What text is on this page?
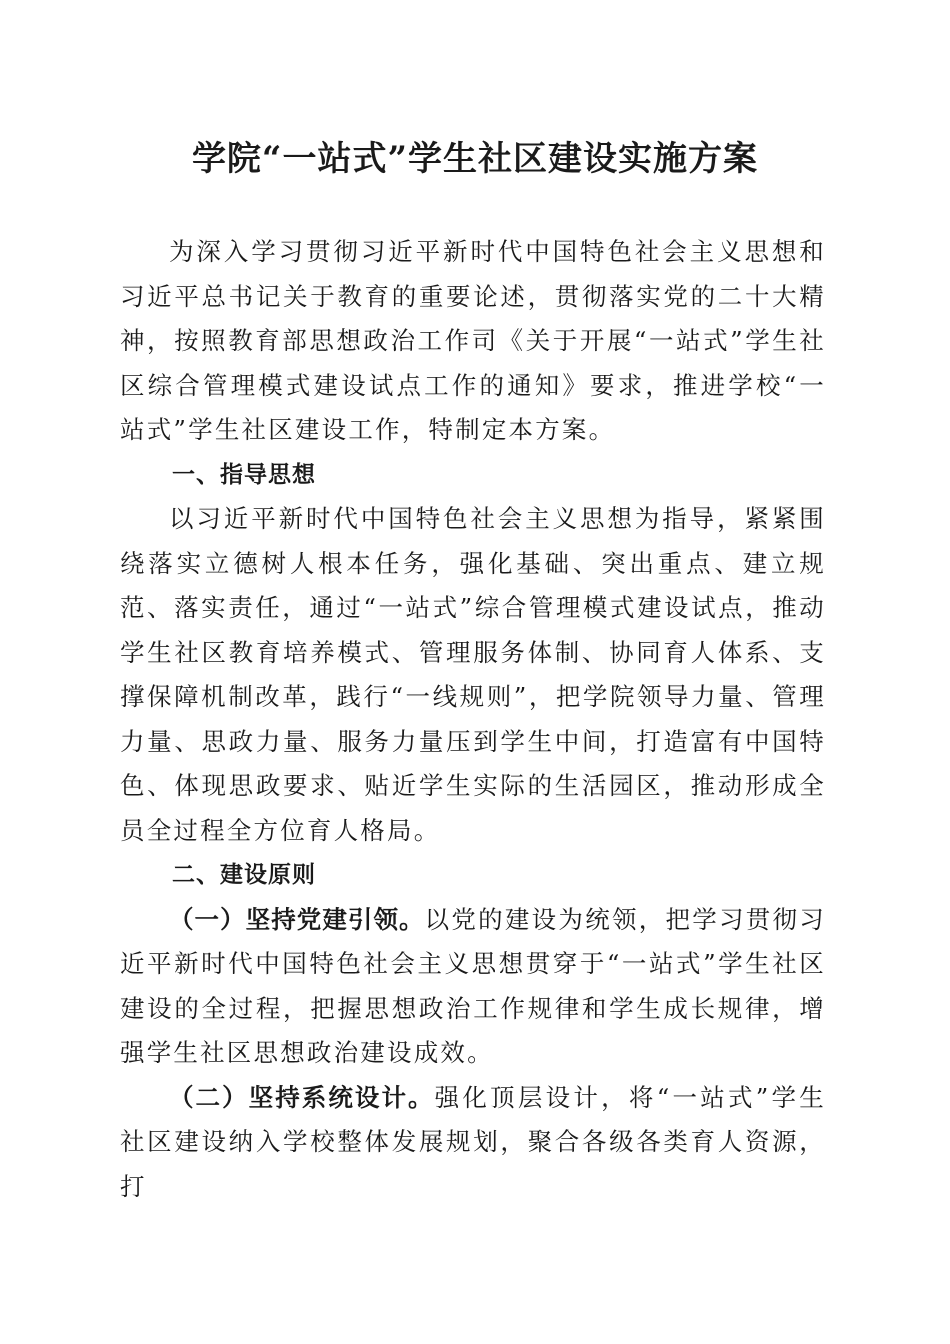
学院“一站式”学生社区建设实施方案

为深入学习贯彻习近平新时代中国特色社会主义思想和习近平总书记关于教育的重要论述，贯彻落实党的二十大精神，按照教育部思想政治工作司《关于开展“一站式”学生社区综合管理模式建设试点工作的通知》要求，推进学校“一站式”学生社区建设工作，特制定本方案。

一、指导思想

以习近平新时代中国特色社会主义思想为指导，紧紧围绕落实立德树人根本任务，强化基础、突出重点、建立规范、落实责任，通过“一站式”综合管理模式建设试点，推动学生社区教育培养模式、管理服务体制、协同育人体系、支撑保障机制改革，践行“一线规则”，把学院领导力量、管理力量、思政力量、服务力量压到学生中间，打造富有中国特色、体现思政要求、贴近学生实际的生活园区，推动形成全员全过程全方位育人格局。

二、建设原则

（一）坚持党建引领。以党的建设为统领，把学习贯彻习近平新时代中国特色社会主义思想贯穿于“一站式”学生社区建设的全过程，把握思想政治工作规律和学生成长规律，增强学生社区思想政治建设成效。

（二）坚持系统设计。强化顶层设计，将“一站式”学生社区建设纳入学校整体发展规划，聚合各级各类育人资源，打
